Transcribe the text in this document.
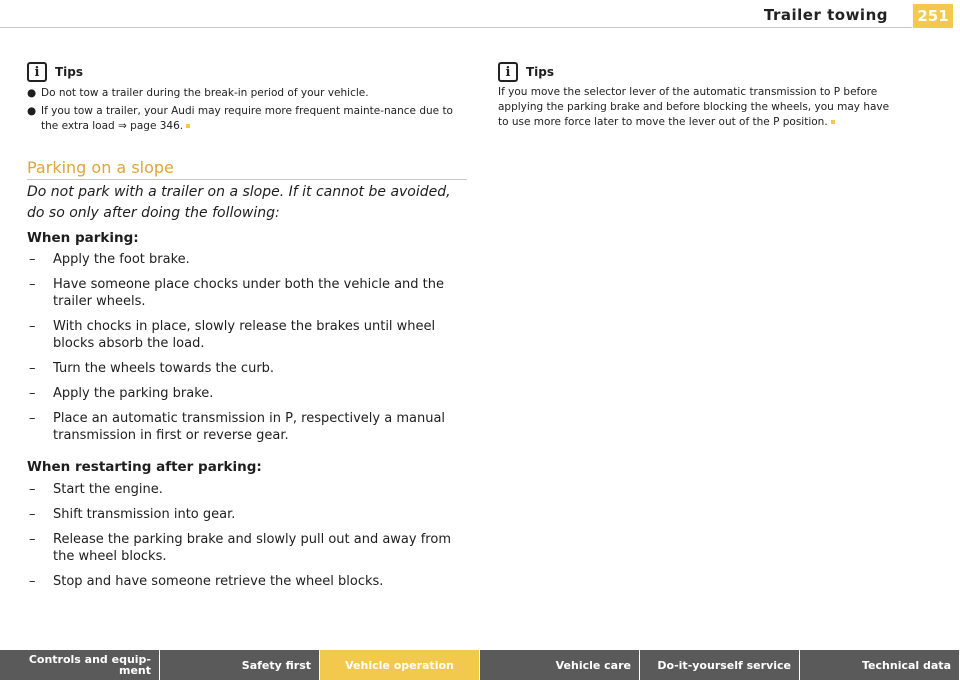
Trailer towing 251
i	Tips
● Do not tow a trailer during the break-in period of your vehicle.
● If you tow a trailer, your Audi may require more frequent mainte-nance due to the extra load ⇒ page 346.
Parking on a slope
Do not park with a trailer on a slope. If it cannot be avoided, do so only after doing the following:
When parking:
–	Apply the foot brake.
–	Have someone place chocks under both the vehicle and the trailer wheels.
–	With chocks in place, slowly release the brakes until wheel blocks absorb the load.
–	Turn the wheels towards the curb.
–	Apply the parking brake.
–	Place an automatic transmission in P, respectively a manual transmission in first or reverse gear.
When restarting after parking:
–	Start the engine.
–	Shift transmission into gear.
–	Release the parking brake and slowly pull out and away from the wheel blocks.
–	Stop and have someone retrieve the wheel blocks.
i	Tips
If you move the selector lever of the automatic transmission to P before applying the parking brake and before blocking the wheels, you may have to use more force later to move the lever out of the P position.
Controls and equip-ment	Safety first	Vehicle operation	Vehicle care	Do-it-yourself service	Technical data
